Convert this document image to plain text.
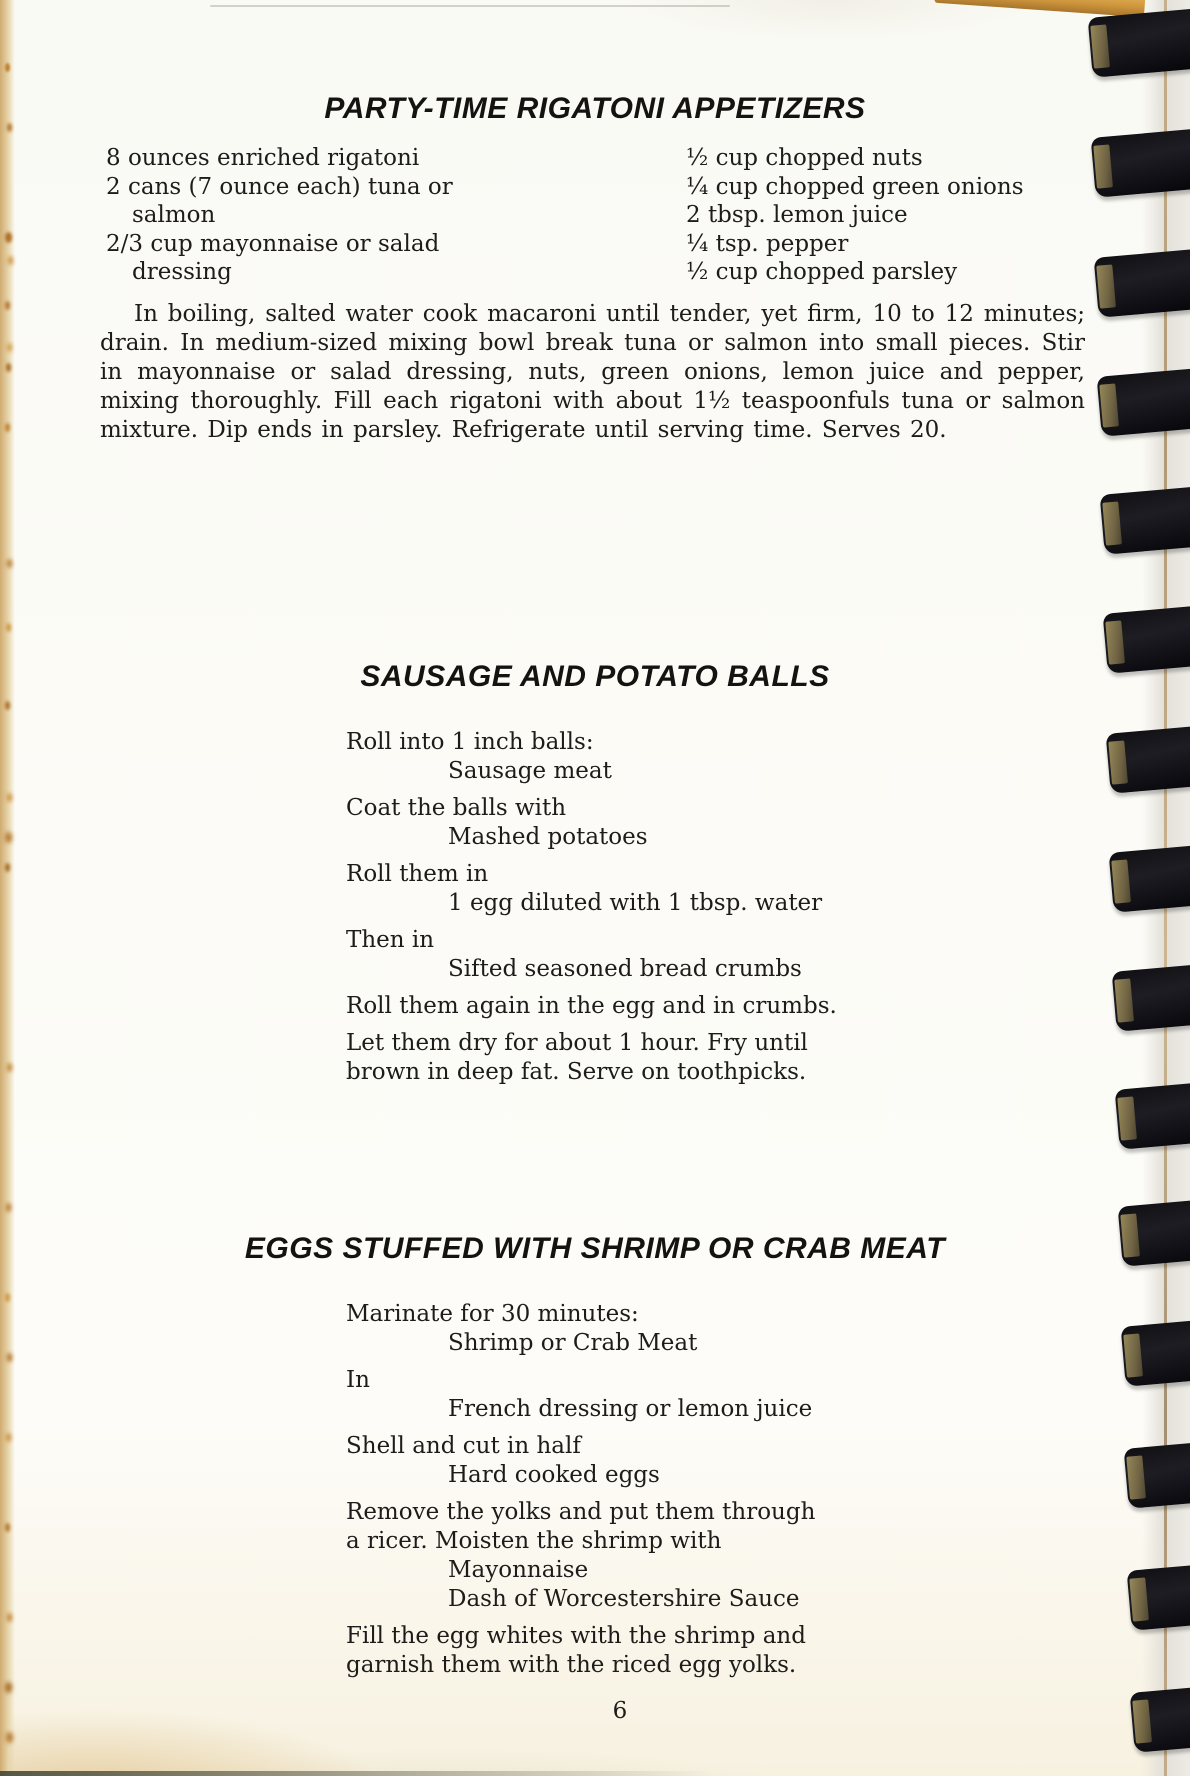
PARTY-TIME RIGATONI APPETIZERS
8 ounces enriched rigatoni
2 cans (7 ounce each) tuna or
salmon
2/3 cup mayonnaise or salad
dressing
½ cup chopped nuts
¼ cup chopped green onions
2 tbsp. lemon juice
¼ tsp. pepper
½ cup chopped parsley

In boiling, salted water cook macaroni until tender, yet firm, 10 to 12 minutes; drain. In medium-sized mixing bowl break tuna or salmon into small pieces. Stir in mayonnaise or salad dressing, nuts, green onions, lemon juice and pepper, mixing thoroughly. Fill each rigatoni with about 1½ teaspoonfuls tuna or salmon mixture. Dip ends in parsley. Refrigerate until serving time. Serves 20.

SAUSAGE AND POTATO BALLS
Roll into 1 inch balls:
Sausage meat
Coat the balls with
Mashed potatoes
Roll them in
1 egg diluted with 1 tbsp. water
Then in
Sifted seasoned bread crumbs
Roll them again in the egg and in crumbs.
Let them dry for about 1 hour. Fry until
brown in deep fat. Serve on toothpicks.
EGGS STUFFED WITH SHRIMP OR CRAB MEAT
Marinate for 30 minutes:
Shrimp or Crab Meat
In
French dressing or lemon juice
Shell and cut in half
Hard cooked eggs
Remove the yolks and put them through
a ricer. Moisten the shrimp with
Mayonnaise
Dash of Worcestershire Sauce
Fill the egg whites with the shrimp and
garnish them with the riced egg yolks.
6
